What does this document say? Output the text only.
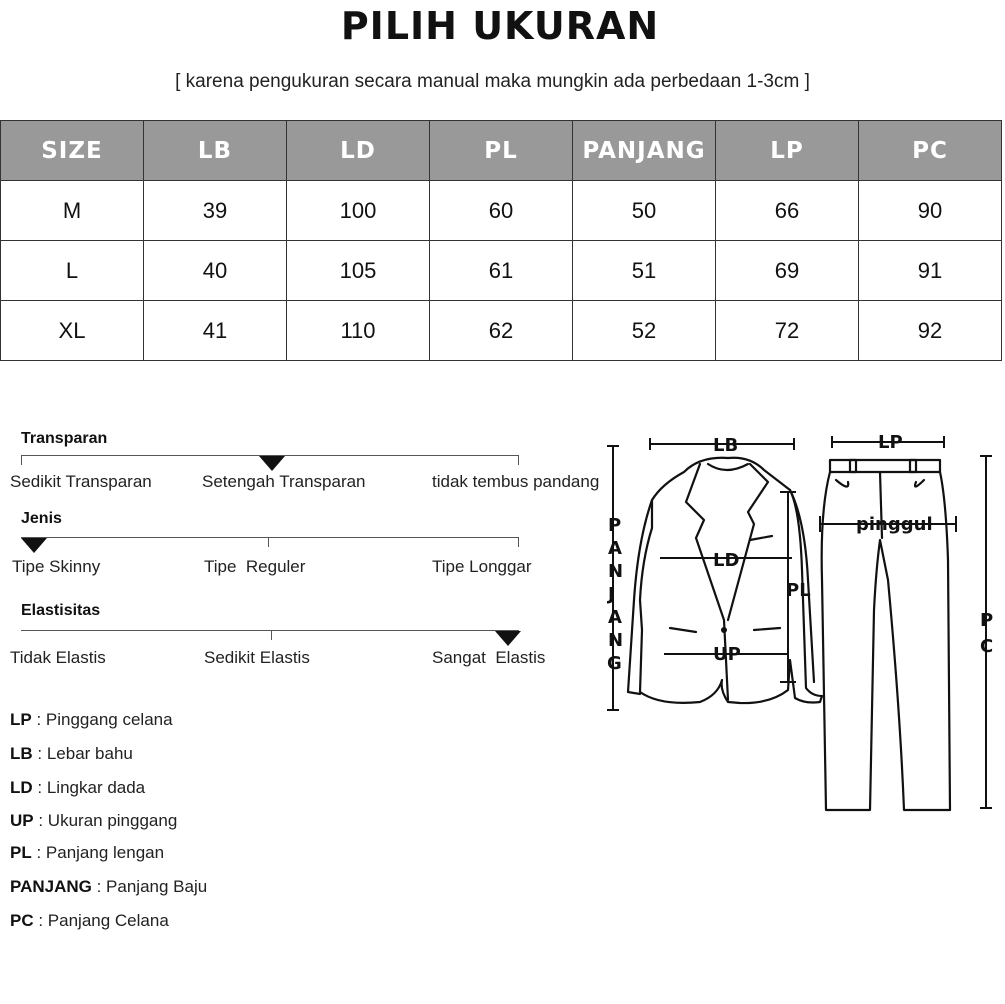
PILIH UKURAN
[ karena pengukuran secara manual maka mungkin ada perbedaan 1-3cm ]
SIZE	LB	LD	PL	PANJANG	LP	PC
M	39	100	60	50	66	90
L	40	105	61	51	69	91
XL	41	110	62	52	72	92
Transparan
Sedikit Transparan	Setengah Transparan	tidak tembus pandang
Jenis
Tipe Skinny	Tipe  Reguler	Tipe Longgar
Elastisitas
Tidak Elastis	Sedikit Elastis	Sangat  Elastis
LP : Pinggang celana
LB : Lebar bahu
LD : Lingkar dada
UP : Ukuran pinggang
PL : Panjang lengan
PANJANG : Panjang Baju
PC : Panjang Celana
LB
LD
UP
PL
P
A
N
J
A
N
G
LP
pinggul
P
C
